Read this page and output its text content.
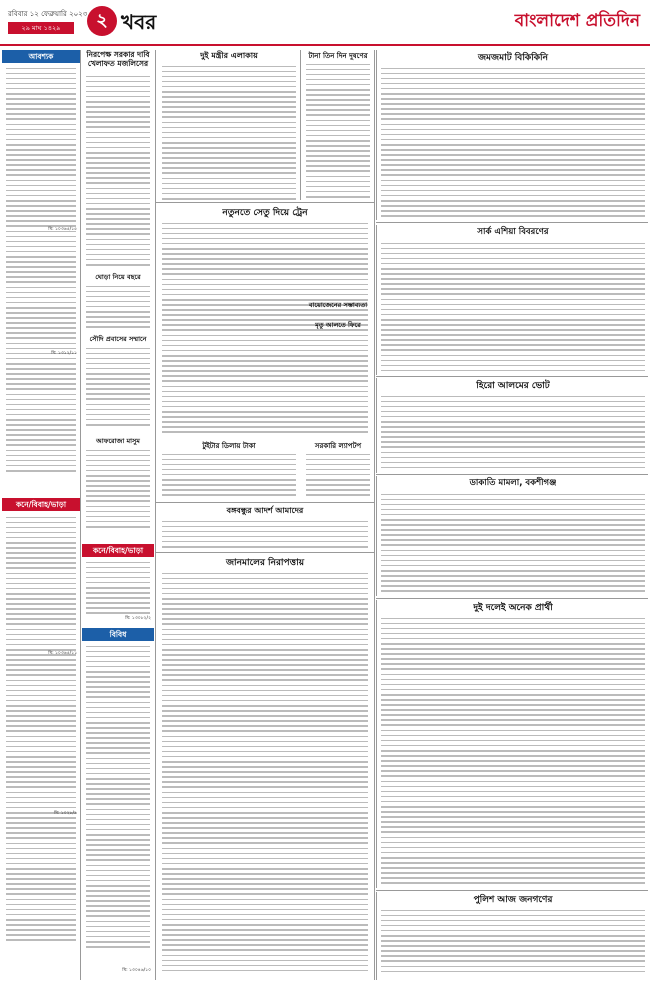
রবিবার ১২ ফেব্রুয়ারি ২০২৩
২৯ মাঘ ১৪২৯	২ খবর	বাংলাদেশ প্রতিদিন
আবশ্যক
মি: ১০৩৬৫/১৫
মি: ১৩১২/১১
কনে/বিবাহ/ভাড়া
মি: ১০৩৬৫/১১
মি: ১০২৮/৯
নিরপেক্ষ সরকার দাবি খেলাফত মজলিসের
ঘোড়া নিয়ে বছরে
সৌদি প্রবাসের সম্মানে
আফরোজা মাসুম
কনে/বিবাহ/ভাড়া
মি: ১৩০৮২/২
বিবিধ
মি: ১৩০৪৬/১০
দুই মন্ত্রীর এলাকায়
নতুনতে সেতু দিয়ে ট্রেন
টুইটার ডিলায় টাকা
বঙ্গবন্ধুর আদর্শ আমাদের
জানমালের নিরাপত্তায়
টানা তিন দিন দুষণের
বায়োজেনের সম্ভাব্যতা
মৃতু আলতে ফিরে
সরকারি ল্যাপটপ
জমজমাট বিকিকিনি
সার্ক এশিয়া বিবরণের
হিরো আলমের ভোট
ডাকাতি মামলা, বকশীগঞ্জ
দুই দলেই অনেক প্রার্থী
পুলিশ আজ জনগণের
